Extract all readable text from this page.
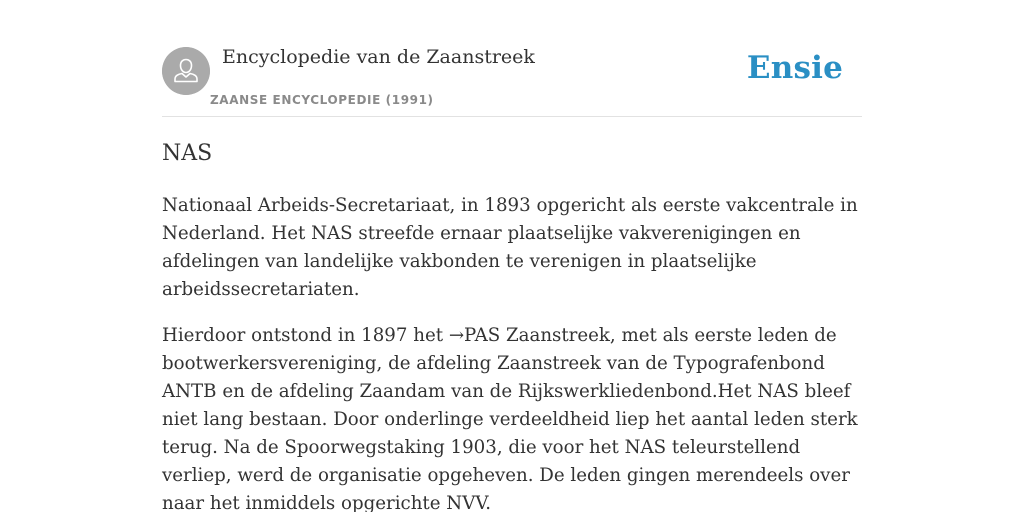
Encyclopedie van de Zaanstreek
ZAANSE ENCYCLOPEDIE (1991)
Ensie
NAS

Nationaal Arbeids-Secretariaat, in 1893 opgericht als eerste vakcentrale in Nederland. Het NAS streefde ernaar plaatselijke vakverenigingen en afdelingen van landelijke vakbonden te verenigen in plaatselijke arbeidssecretariaten.

Hierdoor ontstond in 1897 het →PAS Zaanstreek, met als eerste leden de bootwerkersvereniging, de afdeling Zaanstreek van de Typografenbond ANTB en de afdeling Zaandam van de Rijkswerkliedenbond.Het NAS bleef niet lang bestaan. Door onderlinge verdeeldheid liep het aantal leden sterk terug. Na de Spoorwegstaking 1903, die voor het NAS teleurstellend verliep, werd de organisatie opgeheven. De leden gingen merendeels over naar het inmiddels opgerichte NVV.
